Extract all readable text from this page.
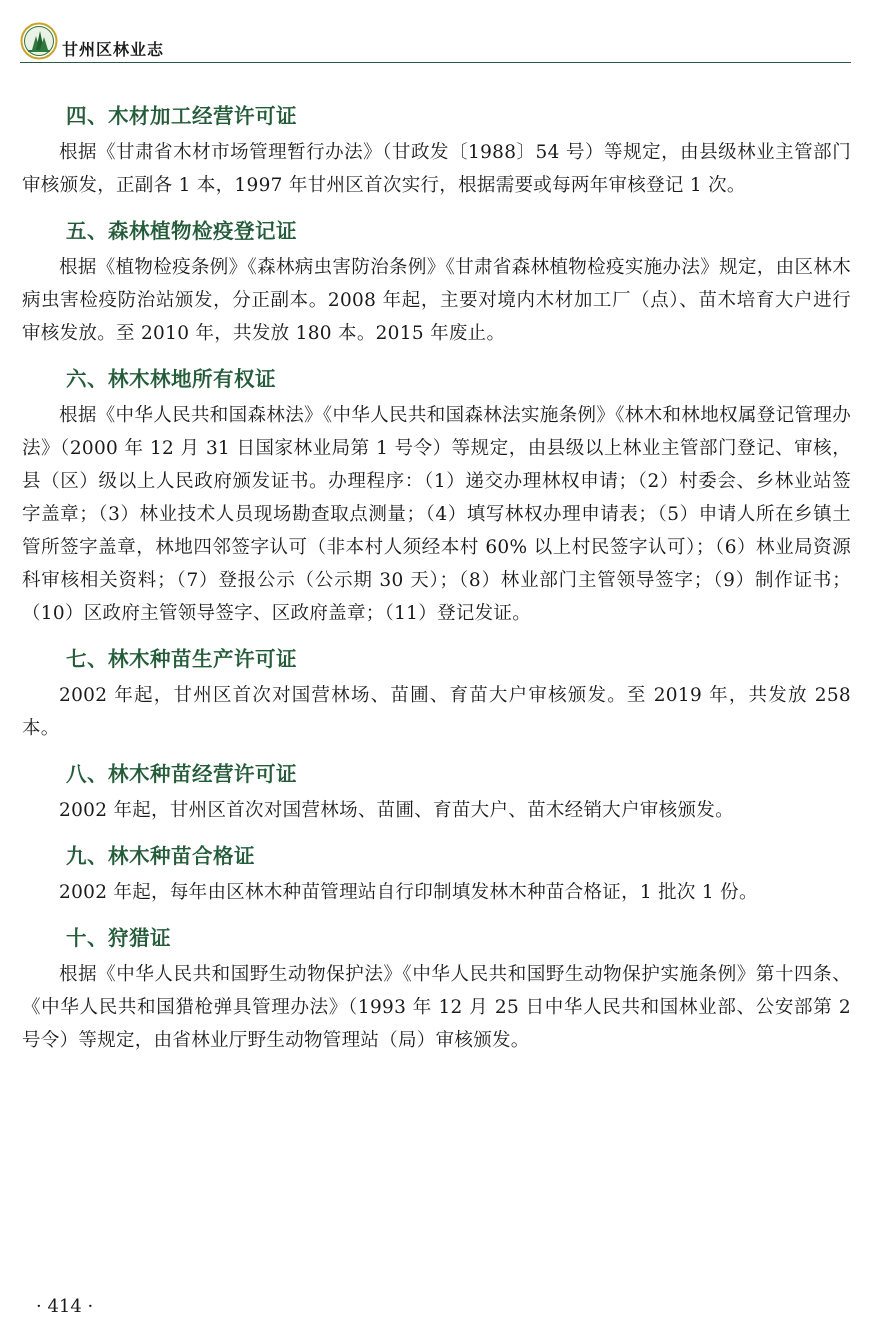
甘州区林业志
四、木材加工经营许可证

根据《甘肃省木材市场管理暂行办法》（甘政发〔1988〕54 号）等规定，由县级林业主管部门审核颁发，正副各 1 本，1997 年甘州区首次实行，根据需要或每两年审核登记 1 次。

五、森林植物检疫登记证

根据《植物检疫条例》《森林病虫害防治条例》《甘肃省森林植物检疫实施办法》规定，由区林木病虫害检疫防治站颁发，分正副本。2008 年起，主要对境内木材加工厂（点）、苗木培育大户进行审核发放。至 2010 年，共发放 180 本。2015 年废止。

六、林木林地所有权证

根据《中华人民共和国森林法》《中华人民共和国森林法实施条例》《林木和林地权属登记管理办法》（2000 年 12 月 31 日国家林业局第 1 号令）等规定，由县级以上林业主管部门登记、审核，县（区）级以上人民政府颁发证书。办理程序：（1）递交办理林权申请；（2）村委会、乡林业站签字盖章；（3）林业技术人员现场勘查取点测量；（4）填写林权办理申请表；（5）申请人所在乡镇土管所签字盖章，林地四邻签字认可（非本村人须经本村 60% 以上村民签字认可）；（6）林业局资源科审核相关资料；（7）登报公示（公示期 30 天）；（8）林业部门主管领导签字；（9）制作证书；（10）区政府主管领导签字、区政府盖章；（11）登记发证。

七、林木种苗生产许可证

2002 年起，甘州区首次对国营林场、苗圃、育苗大户审核颁发。至 2019 年，共发放 258 本。

八、林木种苗经营许可证

2002 年起，甘州区首次对国营林场、苗圃、育苗大户、苗木经销大户审核颁发。

九、林木种苗合格证

2002 年起，每年由区林木种苗管理站自行印制填发林木种苗合格证，1 批次 1 份。

十、狩猎证

根据《中华人民共和国野生动物保护法》《中华人民共和国野生动物保护实施条例》第十四条、《中华人民共和国猎枪弹具管理办法》（1993 年 12 月 25 日中华人民共和国林业部、公安部第 2 号令）等规定，由省林业厅野生动物管理站（局）审核颁发。

· 414 ·
